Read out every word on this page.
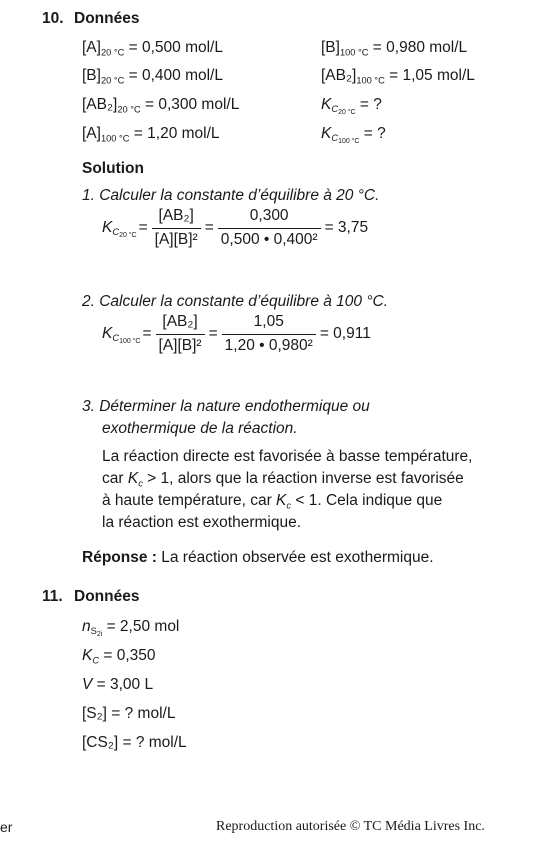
10. Données
$[A]_{20 ^\circ C} = 0,500$ mol/L
$[B]_{20 ^\circ C} = 0,400$ mol/L
$[AB_2]_{20 ^\circ C} = 0,300$ mol/L
$[A]_{100 ^\circ C} = 1,20$ mol/L
$[B]_{100 ^\circ C} = 0,980$ mol/L
$[AB_2]_{100 ^\circ C} = 1,05$ mol/L
$K_{C_{20 ^\circ C}}$ = ?
$K_{C_{100 ^\circ C}}$ = ?
Solution
1. Calculer la constante d’équilibre à 20 °C.
$K_{C_{20 ^\circ C}} = \frac{\text{[AB₂]}}{\text{[A][B]²}} = \frac{0,300}{\text{0,500 • 0,400²}} = 3,75$
2. Calculer la constante d’équilibre à 100 °C.
$K_{C_{100 ^\circ C}} = \frac{\text{[AB₂]}}{\text{[A][B]²}} = \frac{1,05}{\text{1,20 • 0,980²}} = 0,911$
3. Déterminer la nature endothermique ou
exothermique de la réaction.
La réaction directe est favorisée à basse température,
car $K_c > 1$, alors que la réaction inverse est favorisée
à haute température, car $K_c < 1$. Cela indique que
la réaction est exothermique.
Réponse : La réaction observée est exothermique.
11. Données
$n_{S_{2i}} = 2,50$ mol
$K_C = 0,350$
V = 3,00 L
[S₂] = ? mol/L
[CS₂] = ? mol/L
er	Reproduction autorisée © TC Média Livres Inc.
